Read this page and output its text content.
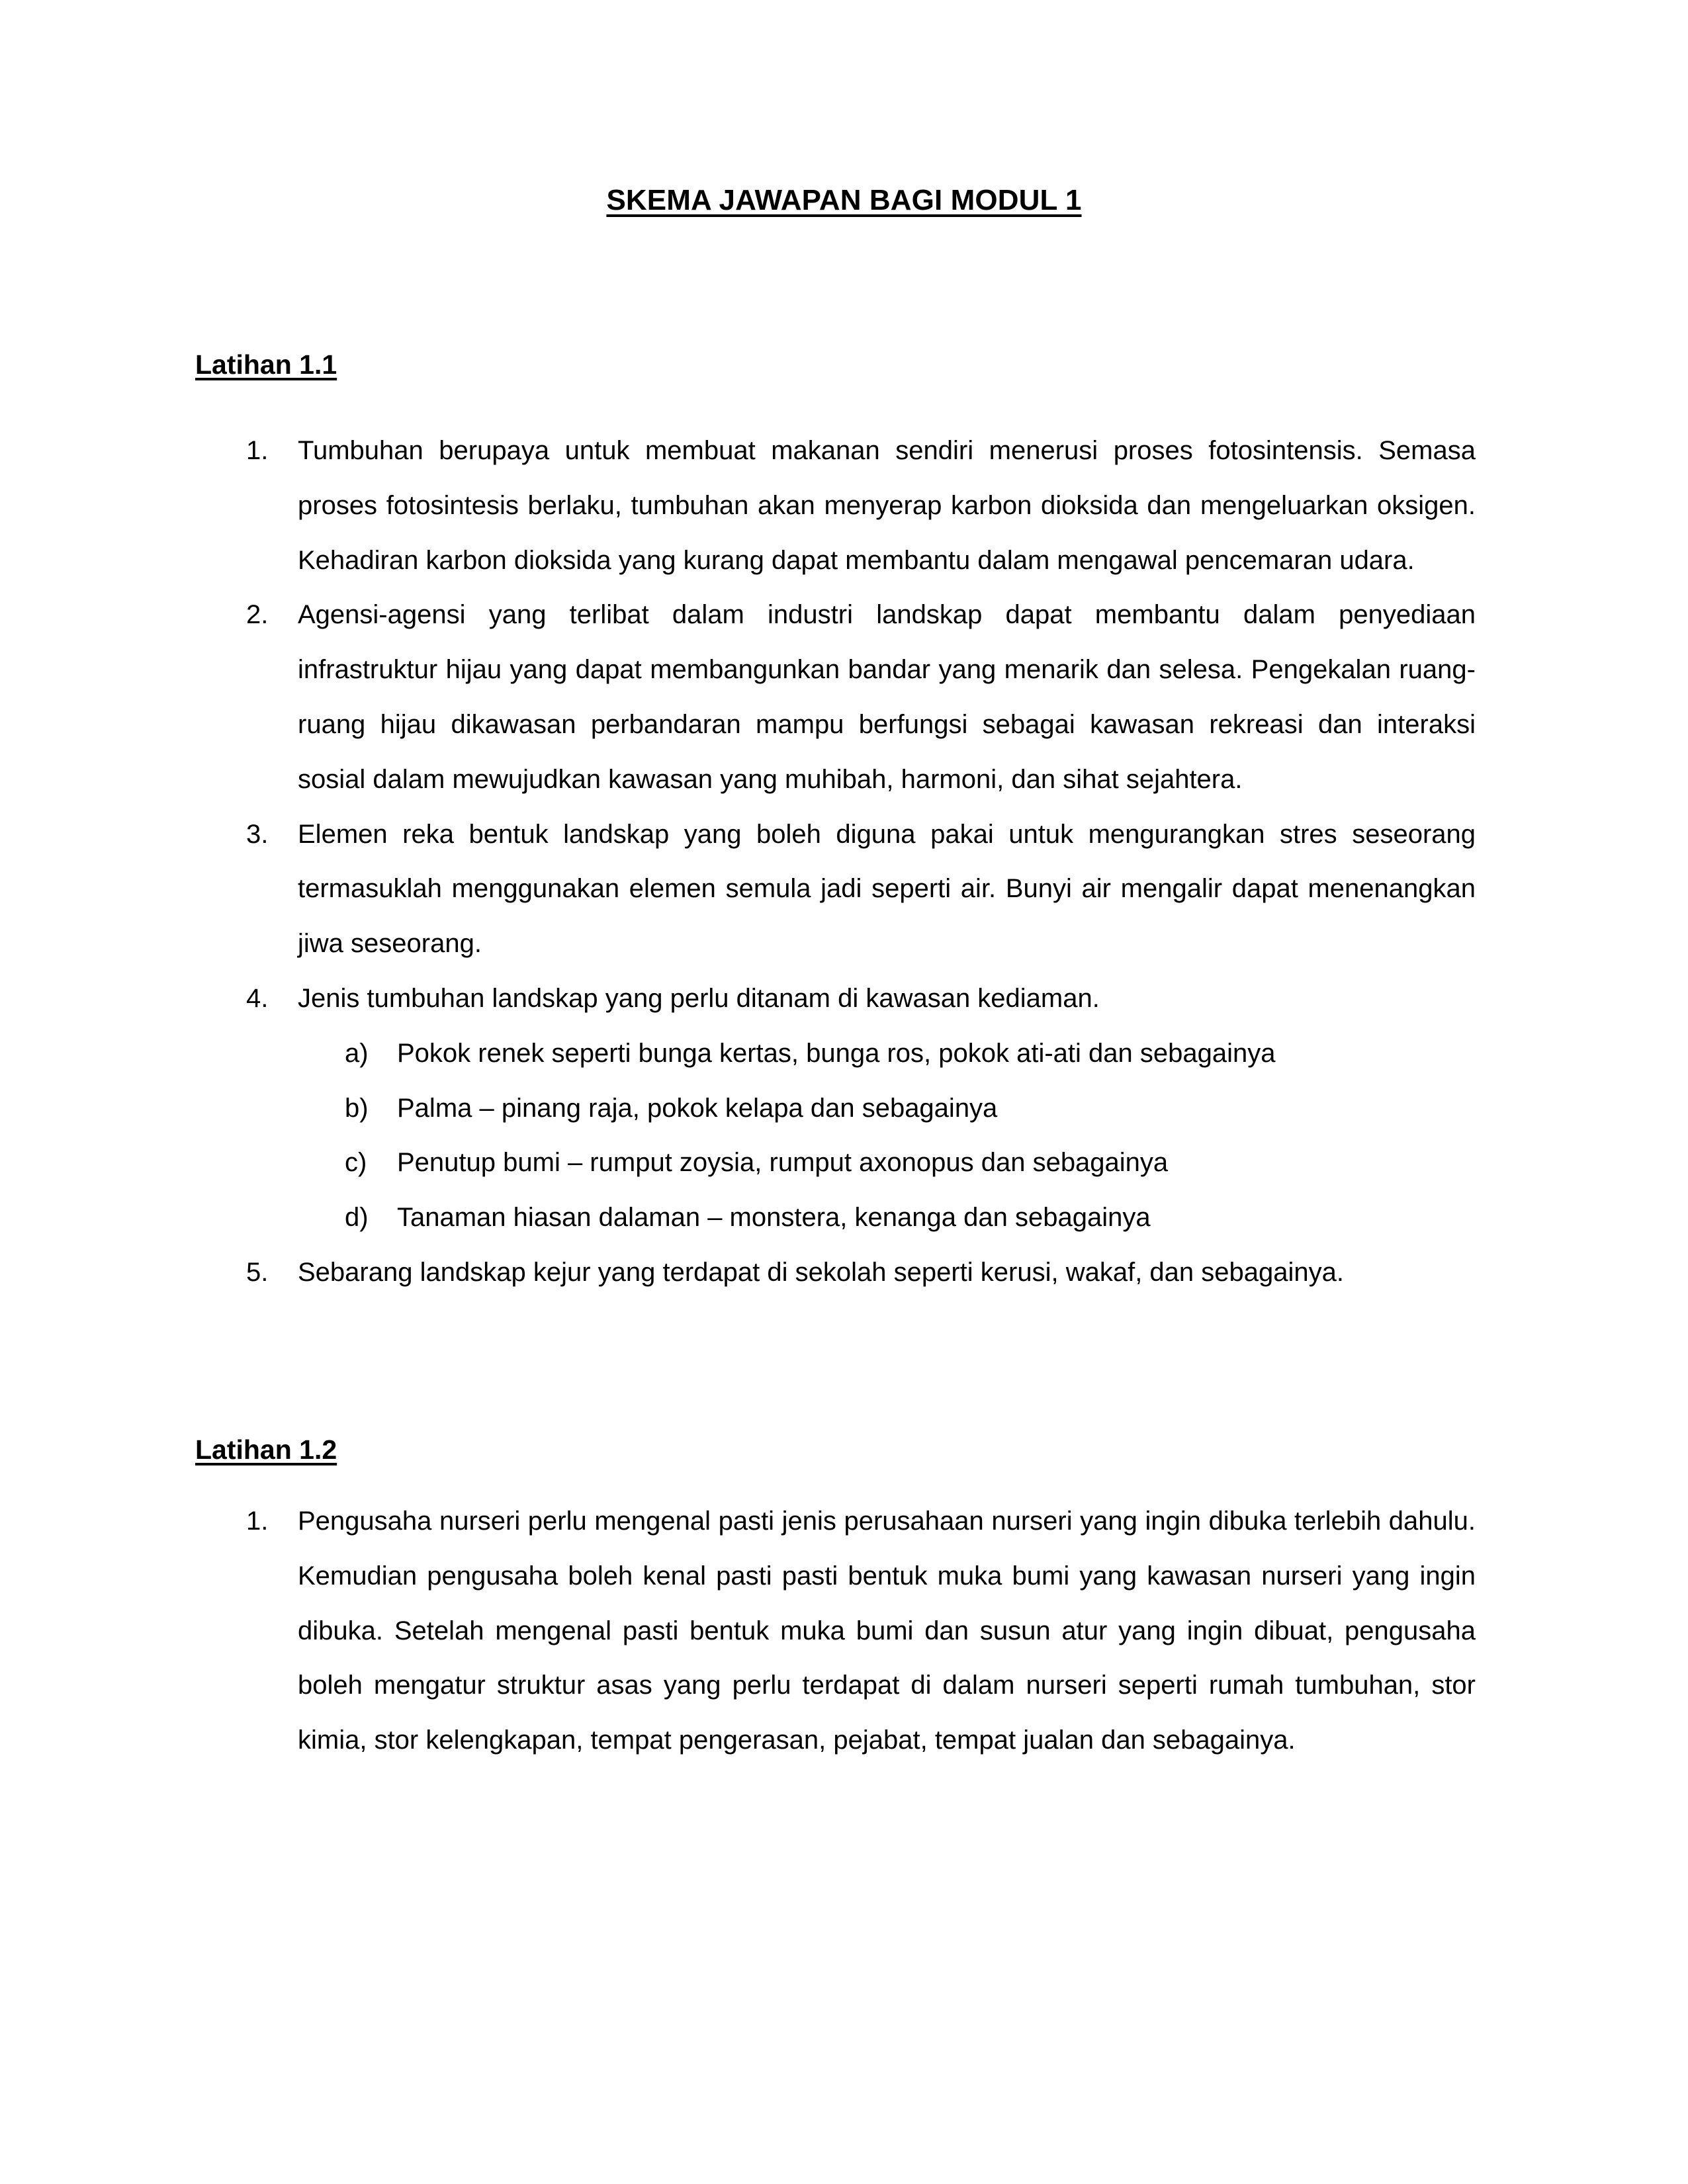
SKEMA JAWAPAN BAGI MODUL 1
Latihan 1.1
1.	Tumbuhan berupaya untuk membuat makanan sendiri menerusi proses fotosintensis. Semasa proses fotosintesis berlaku, tumbuhan akan menyerap karbon dioksida dan mengeluarkan oksigen. Kehadiran karbon dioksida yang kurang dapat membantu dalam mengawal pencemaran udara.
2.	Agensi-agensi yang terlibat dalam industri landskap dapat membantu dalam penyediaan infrastruktur hijau yang dapat membangunkan bandar yang menarik dan selesa. Pengekalan ruang-ruang hijau dikawasan perbandaran mampu berfungsi sebagai kawasan rekreasi dan interaksi sosial dalam mewujudkan kawasan yang muhibah, harmoni, dan sihat sejahtera.
3.	Elemen reka bentuk landskap yang boleh diguna pakai untuk mengurangkan stres seseorang termasuklah menggunakan elemen semula jadi seperti air. Bunyi air mengalir dapat menenangkan jiwa seseorang.
4.	Jenis tumbuhan landskap yang perlu ditanam di kawasan kediaman.
a)	Pokok renek seperti bunga kertas, bunga ros, pokok ati-ati dan sebagainya
b)	Palma – pinang raja, pokok kelapa dan sebagainya
c)	Penutup bumi – rumput zoysia, rumput axonopus dan sebagainya
d)	Tanaman hiasan dalaman – monstera, kenanga dan sebagainya
5.	Sebarang landskap kejur yang terdapat di sekolah seperti kerusi, wakaf, dan sebagainya.
Latihan 1.2
1.	Pengusaha nurseri perlu mengenal pasti jenis perusahaan nurseri yang ingin dibuka terlebih dahulu. Kemudian pengusaha boleh kenal pasti pasti bentuk muka bumi yang kawasan nurseri yang ingin dibuka. Setelah mengenal pasti bentuk muka bumi dan susun atur yang ingin dibuat, pengusaha boleh mengatur struktur asas yang perlu terdapat di dalam nurseri seperti rumah tumbuhan, stor kimia, stor kelengkapan, tempat pengerasan, pejabat, tempat jualan dan sebagainya.
